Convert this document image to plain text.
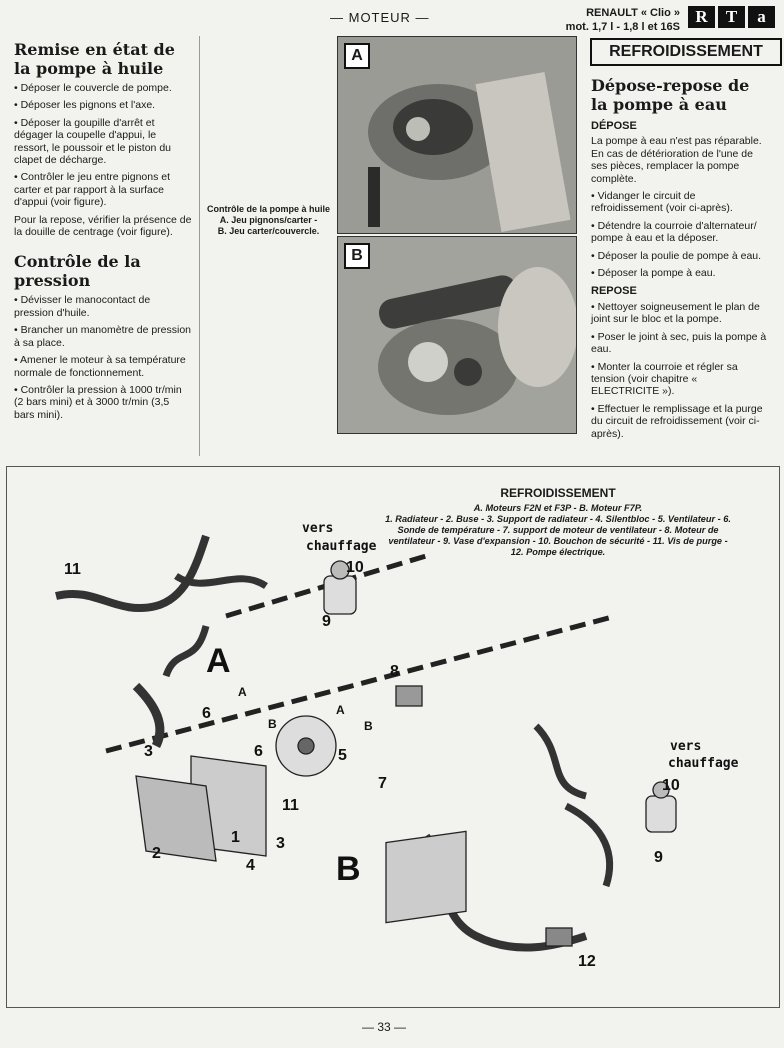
— MOTEUR —	RENAULT « Clio »
mot. 1,7 l - 1,8 l et 16S
R	T	a
Remise en état de la pompe à huile

• Déposer le couvercle de pompe.

• Déposer les pignons et l'axe.

• Déposer la goupille d'arrêt et dégager la coupelle d'appui, le ressort, le poussoir et le piston du clapet de décharge.

• Contrôler le jeu entre pignons et carter et par rapport à la surface d'appui (voir figure).

Pour la repose, vérifier la présence de la douille de centrage (voir figure).

Contrôle de la pression

• Dévisser le manocontact de pression d'huile.

• Brancher un manomètre de pression à sa place.

• Amener le moteur à sa température normale de fonctionnement.

• Contrôler la pression à 1000 tr/min (2 bars mini) et à 3000 tr/min (3,5 bars mini).

A
B
Contrôle de la pompe à huile
A. Jeu pignons/carter -
B. Jeu carter/couvercle.
REFROIDISSEMENT
Dépose-repose de la pompe à eau
DÉPOSE

La pompe à eau n'est pas réparable. En cas de détérioration de l'une de ses pièces, remplacer la pompe complète.

• Vidanger le circuit de refroidissement (voir ci-après).

• Détendre la courroie d'alternateur/ pompe à eau et la déposer.

• Déposer la poulie de pompe à eau.

• Déposer la pompe à eau.

REPOSE

• Nettoyer soigneusement le plan de joint sur le bloc et la pompe.

• Poser le joint à sec, puis la pompe à eau.

• Monter la courroie et régler sa tension (voir chapitre « ELECTRICITE »).

• Effectuer le remplissage et la purge du circuit de refroidissement (voir ci-après).

REFROIDISSEMENT
A. Moteurs F2N et F3P - B. Moteur F7P.
1. Radiateur - 2. Buse - 3. Support de radiateur - 4. Silentbloc - 5. Ventilateur - 6. Sonde de température - 7. support de moteur de ventilateur - 8. Moteur de ventilateur - 9. Vase d'expansion - 10. Bouchon de sécurité - 11. Vis de purge - 12. Pompe électrique.
vers
chauffage
vers
chauffage
A
B
A
B
A
B
1
2
3
3
4
5
6
6
7
8
9
9
10
10
11
11
12
— 33 —
